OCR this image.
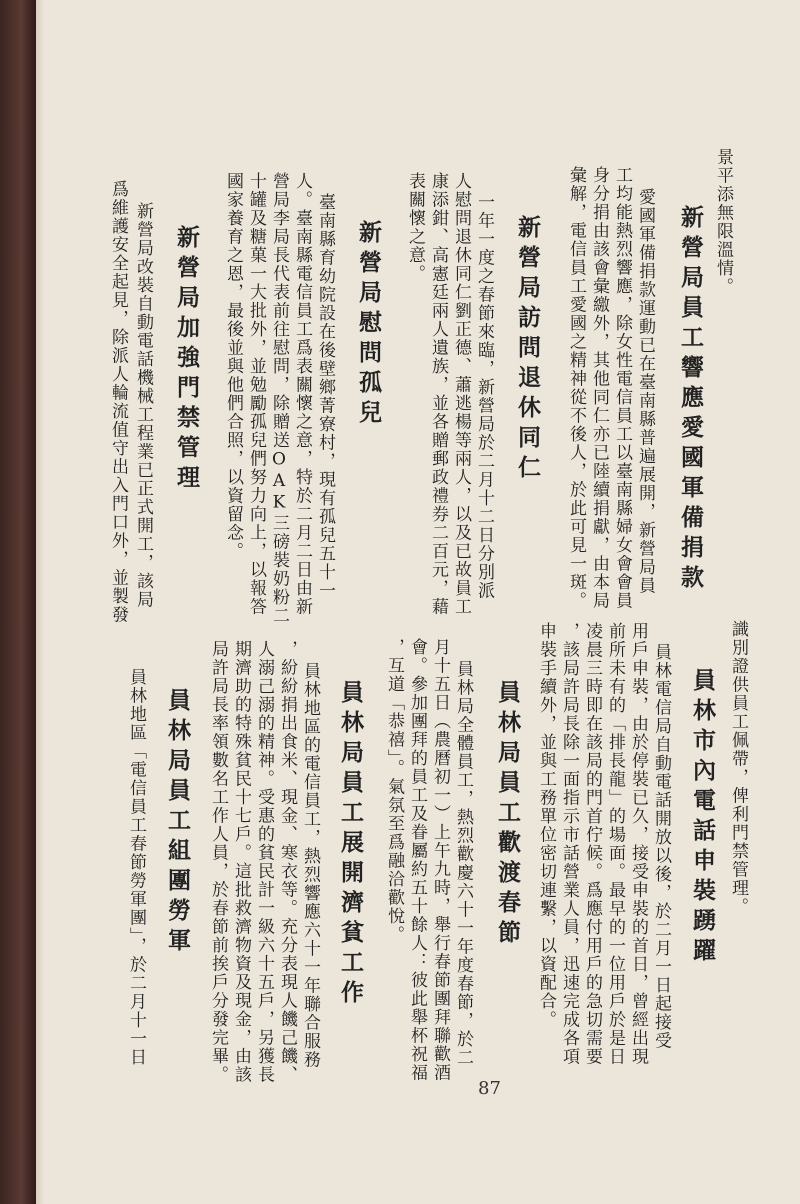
景平添無限溫情。
新營局員工響應愛國軍備捐款
愛國軍備捐款運動已在臺南縣普遍展開，新營局員
工均能熱烈響應，除女性電信員工以臺南縣婦女會會員
身分捐由該會彙繳外，其他同仁亦已陸續捐獻，由本局
彙解，電信員工愛國之精神從不後人，於此可見一斑。
新營局訪問退休同仁
一年一度之春節來臨，新營局於二月十二日分別派
人慰問退休同仁劉正德、蕭逃楊等兩人，以及已故員工
康添鉗、高憲廷兩人遺族，並各贈郵政禮券二百元，藉
表關懷之意。
新營局慰問孤兒
臺南縣育幼院設在後壁鄉菁寮村，現有孤兒五十一
人。臺南縣電信員工爲表關懷之意，特於二月二日由新
營局李局長代表前往慰問，除贈送OAK三磅裝奶粉二
十罐及糖菓一大批外，並勉勵孤兒們努力向上，以報答
國家養育之恩，最後並與他們合照，以資留念。
新營局加強門禁管理
新營局改裝自動電話機械工程業已正式開工，該局
爲維護安全起見，除派人輪流值守出入門口外，並製發
識別證供員工佩帶，俾利門禁管理。
員林市內電話申裝踴躍
員林電信局自動電話開放以後，於二月一日起接受
用戶申裝，由於停裝已久，接受申裝的首日，曾經出現
前所未有的「排長龍」的場面。最早的一位用戶於是日
凌晨三時即在該局的門首佇候。爲應付用戶的急切需要
，該局許局長除一面指示市話營業人員，迅速完成各項
申裝手續外，並與工務單位密切連繫，以資配合。
員林局員工歡渡春節
員林局全體員工，熱烈歡慶六十一年度春節，於二
月十五日（農曆初一）上午九時，舉行春節團拜聯歡酒
會。參加團拜的員工及眷屬約五十餘人：彼此舉杯祝福
，互道「恭禧」。氣氛至爲融洽歡悅。
員林局員工展開濟貧工作
員林地區的電信員工，熱烈響應六十一年聯合服務
，紛紛捐出食米、現金、寒衣等。充分表現人饑己饑、
人溺己溺的精神。受惠的貧民計一級六十五戶，另獲長
期濟助的特殊貧民十七戶。這批救濟物資及現金，由該
局許局長率領數名工作人員，於春節前挨戶分發完畢。
員林局員工組團勞軍
員林地區「電信員工春節勞軍團」，於二月十一日
87
